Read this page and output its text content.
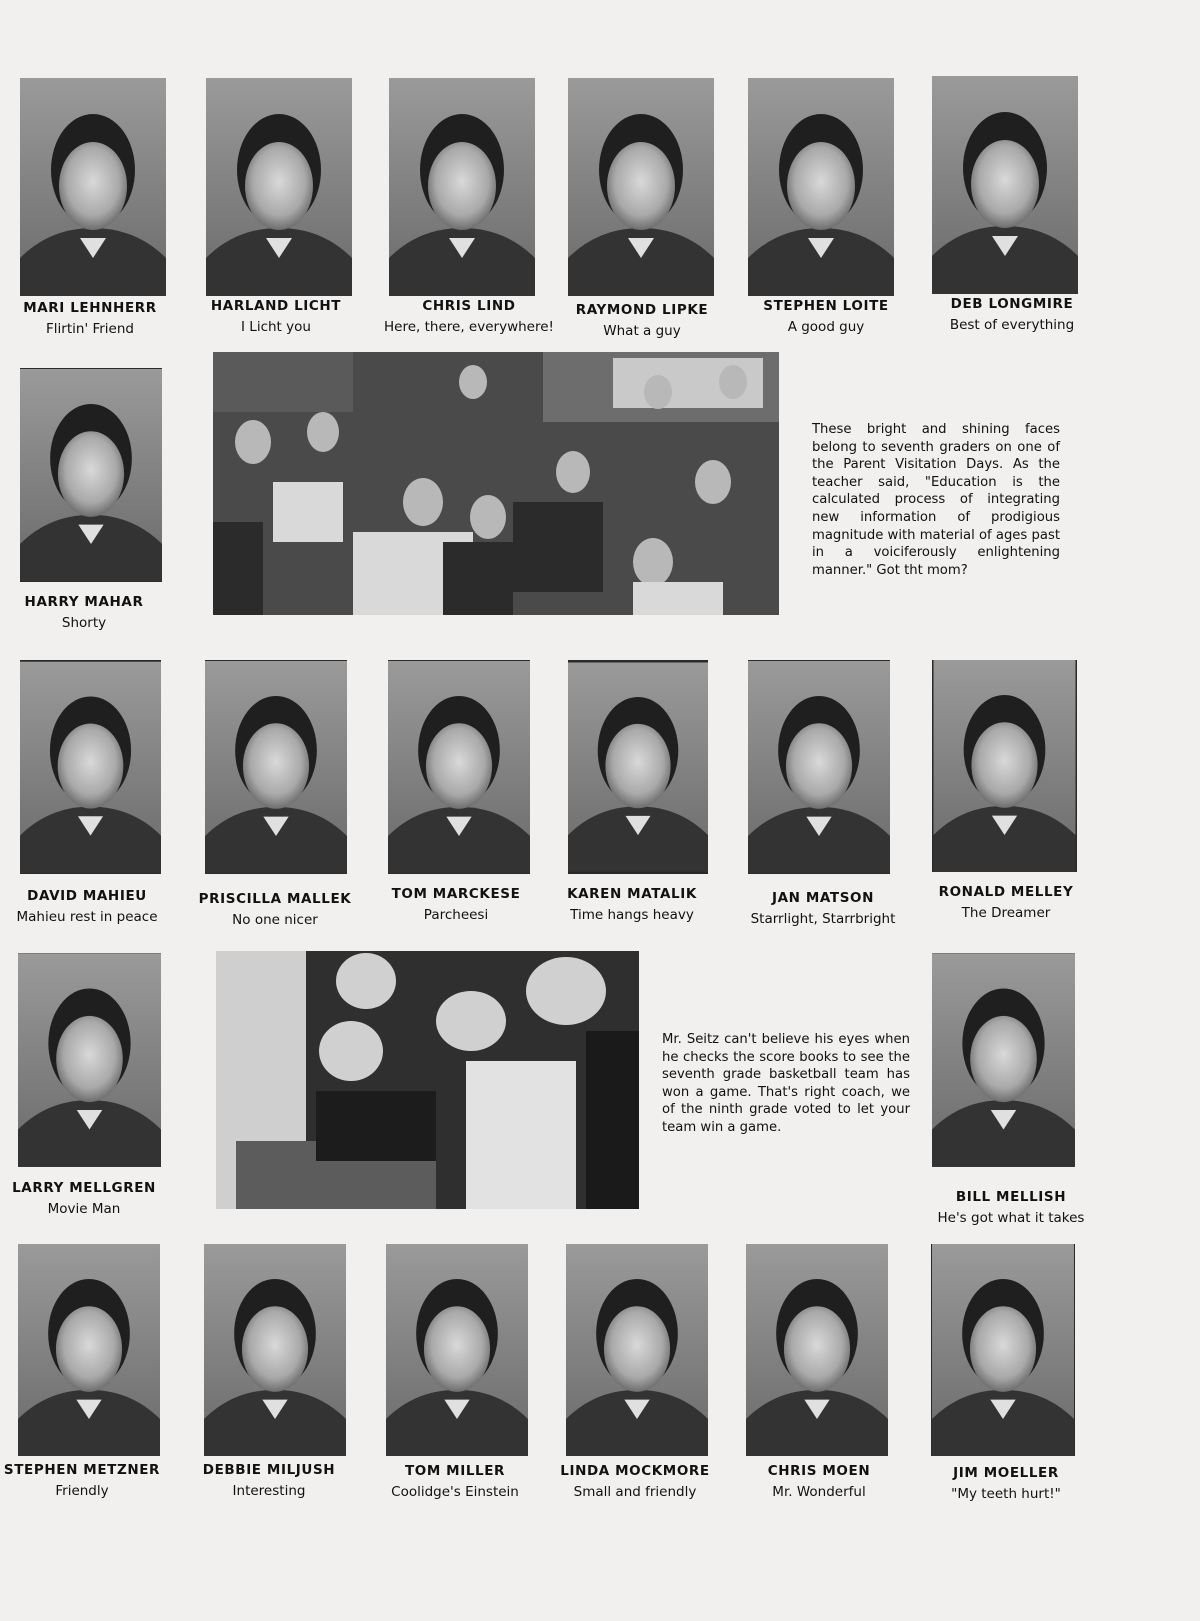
MARI LEHNHERR
Flirtin' Friend
HARLAND LICHT
I Licht you
CHRIS LIND
Here, there, everywhere!
RAYMOND LIPKE
What a guy
STEPHEN LOITE
A good guy
DEB LONGMIRE
Best of everything
HARRY MAHAR
Shorty
These bright and shining faces belong to seventh graders on one of the Parent Visitation Days. As the teacher said, "Education is the calculated process of integrating new information of prodigious magnitude with material of ages past in a voiciferously enlightening manner." Got tht mom?
DAVID MAHIEU
Mahieu rest in peace
PRISCILLA MALLEK
No one nicer
TOM MARCKESE
Parcheesi
KAREN MATALIK
Time hangs heavy
JAN MATSON
Starrlight, Starrbright
RONALD MELLEY
The Dreamer
LARRY MELLGREN
Movie Man
Mr. Seitz can't believe his eyes when he checks the score books to see the seventh grade basketball team has won a game. That's right coach, we of the ninth grade voted to let your team win a game.
BILL MELLISH
He's got what it takes
STEPHEN METZNER
Friendly
DEBBIE MILJUSH
Interesting
TOM MILLER
Coolidge's Einstein
LINDA MOCKMORE
Small and friendly
CHRIS MOEN
Mr. Wonderful
JIM MOELLER
"My teeth hurt!"
